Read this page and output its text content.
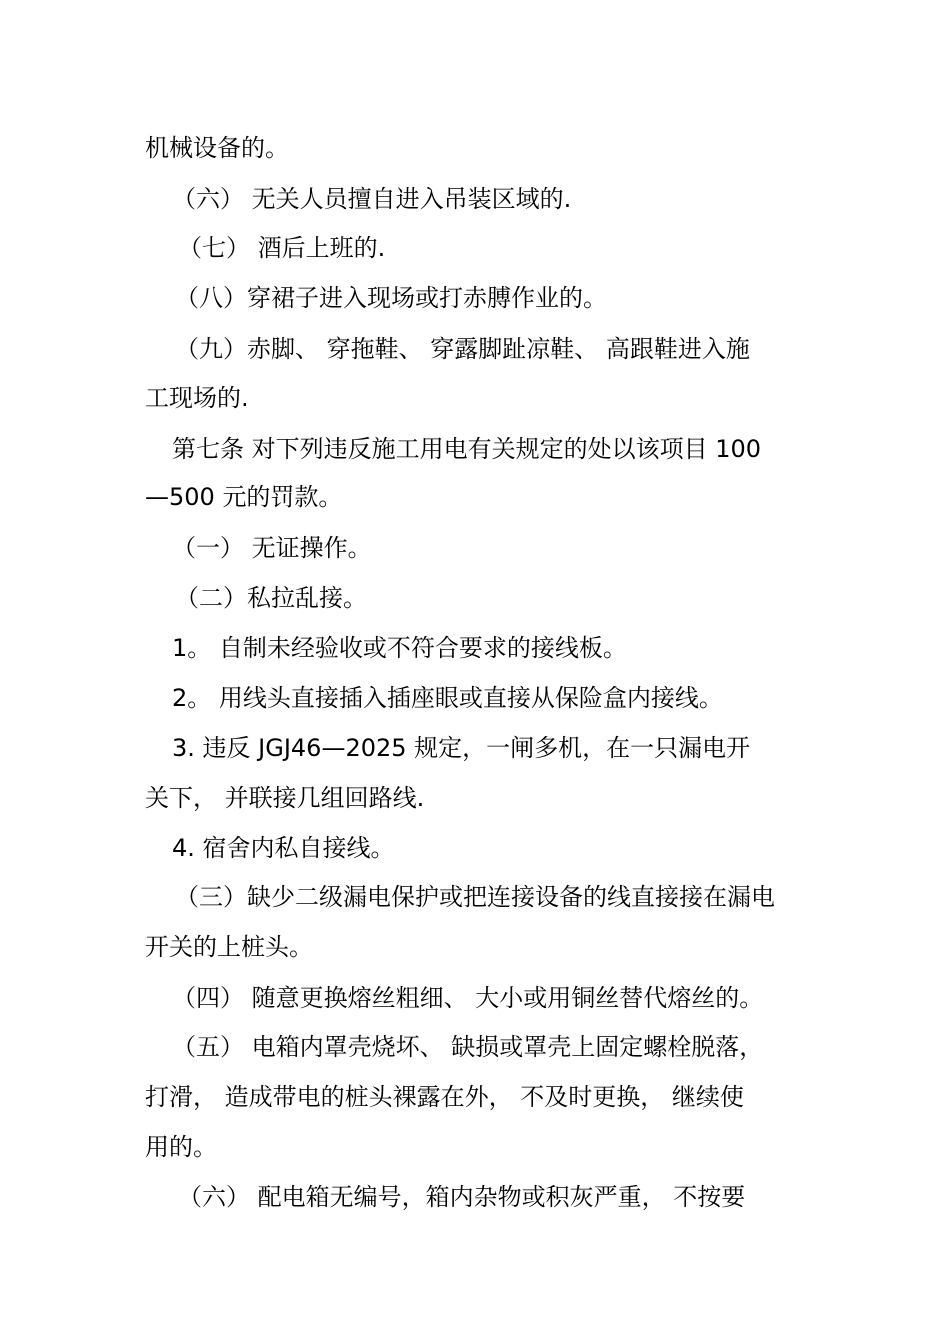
机械设备的。
（六） 无关人员擅自进入吊装区域的.
（七） 酒后上班的.
（八）穿裙子进入现场或打赤膊作业的。
（九）赤脚、 穿拖鞋、 穿露脚趾凉鞋、 高跟鞋进入施
工现场的.
第七条 对下列违反施工用电有关规定的处以该项目 100
—500 元的罚款。
（一） 无证操作。
（二）私拉乱接。
1。 自制未经验收或不符合要求的接线板。
2。 用线头直接插入插座眼或直接从保险盒内接线。
3. 违反 JGJ46—2025 规定，一闸多机，在一只漏电开
关下， 并联接几组回路线.
4. 宿舍内私自接线。
（三）缺少二级漏电保护或把连接设备的线直接接在漏电
开关的上桩头。
（四） 随意更换熔丝粗细、 大小或用铜丝替代熔丝的。
（五） 电箱内罩壳烧坏、 缺损或罩壳上固定螺栓脱落，
打滑， 造成带电的桩头裸露在外， 不及时更换， 继续使
用的。
（六） 配电箱无编号，箱内杂物或积灰严重， 不按要
